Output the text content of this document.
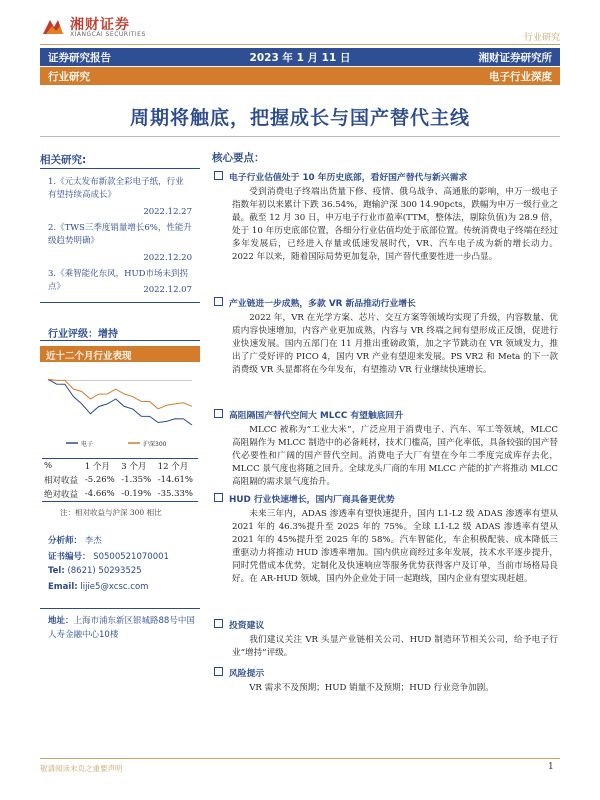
湘财证券
XIANGCAI SECURITIES	行业研究
证券研究报告	2023 年 1 月 11 日	湘财证券研究所
行业研究	电子行业深度
周期将触底，把握成长与国产替代主线
相关研究:
1.《元太发布新款全彩电子纸，行业有望持续高成长》
2022.12.27
2.《TWS三季度销量增长6%，性能升级趋势明确》
2022.12.20
3.《乘智能化东风，HUD市场未到拐点》	2022.12.07
行业评级：增持
近十二个月行业表现
电子	沪深300
%	1 个月	3 个月	12 个月
相对收益	-5.26%	-1.35%	-14.61%
绝对收益	-4.66%	-0.19%	-35.33%
注：相对收益与沪深 300 相比
分析师： 李杰
证书编号： S0500521070001
Tel: (8621) 50293525
Email: lijie5@xcsc.com
地址：上海市浦东新区银城路88号中国人寿金融中心10楼
核心要点：
电子行业估值处于 10 年历史底部，看好国产替代与新兴需求
受到消费电子终端出货量下修、疫情、俄乌战争、高通胀的影响，申万一级电子指数年初以来累计下跌 36.54%，跑输沪深 300 14.90pcts，跌幅为申万一级行业之最。截至 12 月 30 日，申万电子行业市盈率(TTM，整体法，剔除负值)为 28.9 倍，处于 10 年历史底部位置，各细分行业估值均处于底部位置。传统消费电子终端在经过多年发展后，已经进入存量或低速发展时代，VR、汽车电子成为新的增长动力。2022 年以来，随着国际局势更加复杂，国产替代重要性进一步凸显。
产业链进一步成熟，多款 VR 新品推动行业增长
2022 年，VR 在光学方案、芯片、交互方案等领域均实现了升级，内容数量、优质内容快速增加，内容产业更加成熟，内容与 VR 终端之间有望形成正反馈，促进行业快速发展。国内五部门在 11 月推出重磅政策，加之字节跳动在 VR 领域发力，推出了广受好评的 PICO 4，国内 VR 产业有望迎来发展。PS VR2 和 Meta 的下一款消费级 VR 头显都将在今年发布，有望推动 VR 行业继续快速增长。
高阻隔国产替代空间大 MLCC 有望触底回升
MLCC 被称为“工业大米”，广泛应用于消费电子、汽车、军工等领域，MLCC 高阻隔作为 MLCC 制造中的必备耗材，技术门槛高，国产化率低，具备较强的国产替代必要性和广阔的国产替代空间。消费电子大厂有望在今年二季度完成库存去化，MLCC 景气度也将随之回升。全球龙头厂商的车用 MLCC 产能的扩产将推动 MLCC 高阻隔的需求景气度抬升。
HUD 行业快速增长，国内厂商具备更优势
未来三年内，ADAS 渗透率有望快速提升，国内 L1-L2 级 ADAS 渗透率有望从 2021 年的 46.3%提升至 2025 年的 75%。全球 L1-L2 级 ADAS 渗透率有望从 2021 年的 45%提升至 2025 年的 58%。汽车智能化，车企积极配装、成本降低三重驱动力将推动 HUD 渗透率增加。国内供应商经过多年发展，技术水平逐步提升，同时凭借成本优势，定制化及快速响应等服务优势获得客户及订单，当前市场格局良好。在 AR-HUD 领域，国内外企业处于同一起跑线，国内企业有望实现赶超。
投资建议
我们建议关注 VR 头显产业链相关公司、HUD 制造环节相关公司，给予电子行业“增持”评级。
风险提示
VR 需求不及预期；HUD 销量不及预期；HUD 行业竞争加剧。
敬请阅读末页之重要声明	1
